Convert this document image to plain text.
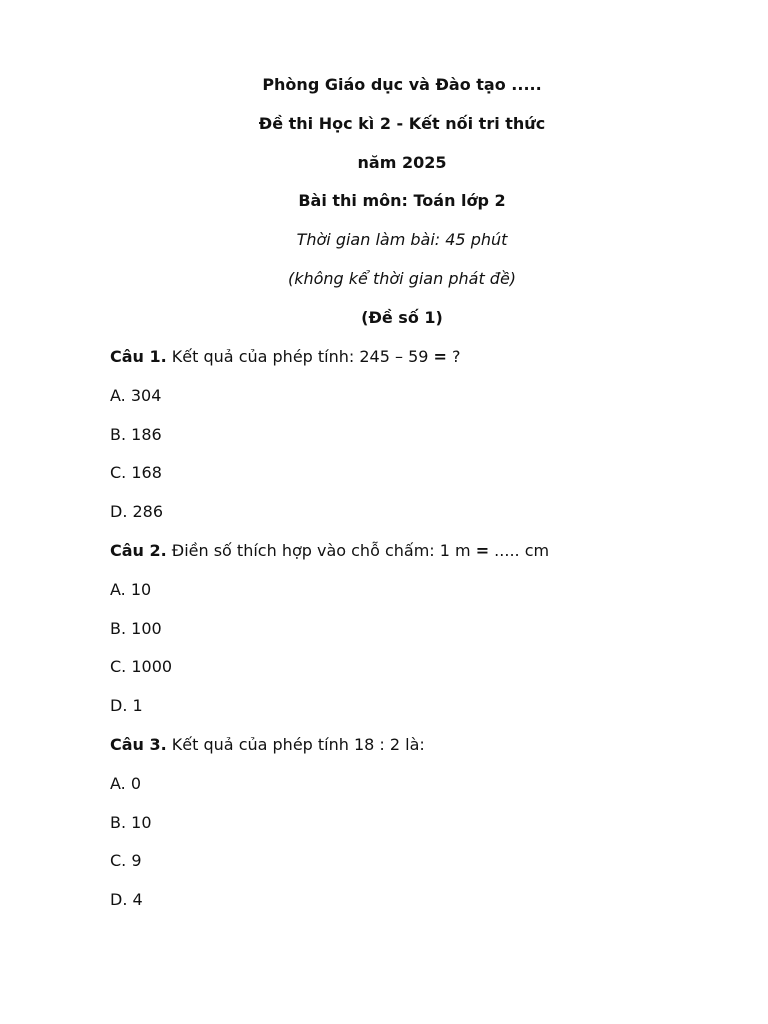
Phòng Giáo dục và Đào tạo .....
Đề thi Học kì 2 - Kết nối tri thức
năm 2025
Bài thi môn: Toán lớp 2
Thời gian làm bài: 45 phút
(không kể thời gian phát đề)
(Đề số 1)
Câu 1. Kết quả của phép tính: 245 – 59 = ?
A. 304
B. 186
C. 168
D. 286
Câu 2. Điền số thích hợp vào chỗ chấm: 1 m = ..... cm
A. 10
B. 100
C. 1000
D. 1
Câu 3. Kết quả của phép tính 18 : 2 là:
A. 0
B. 10
C. 9
D. 4
